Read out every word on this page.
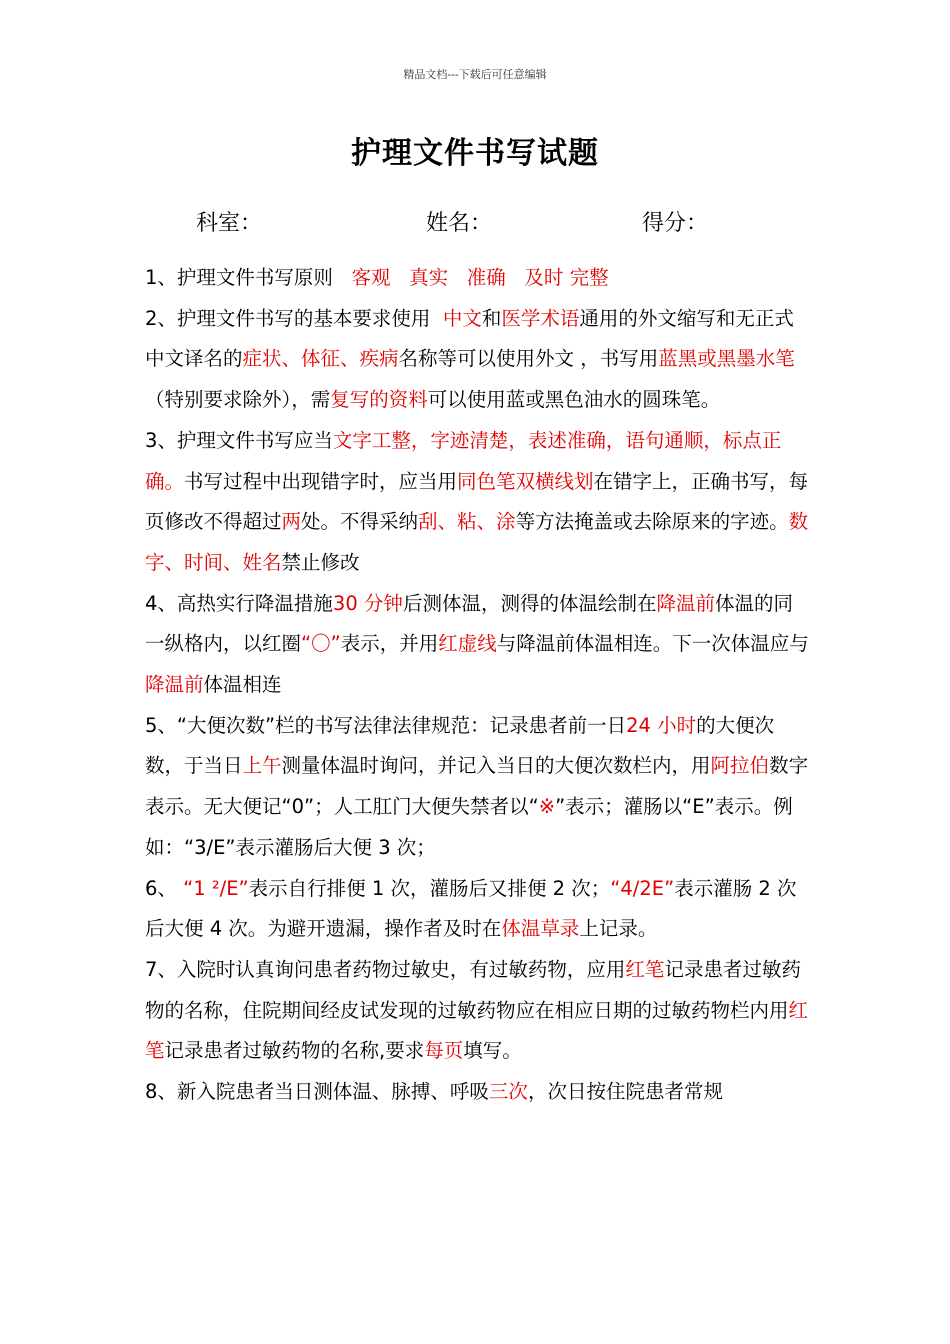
精品文档---下载后可任意编辑
护理文件书写试题
科室：	姓名：	得分：

1、护理文件书写原则 客观 真实 准确 及时 完整

2、护理文件书写的基本要求使用 中文和医学术语通用的外文缩写和无正式中文译名的症状、体征、疾病名称等可以使用外文 ，书写用蓝黑或黑墨水笔（特别要求除外），需复写的资料可以使用蓝或黑色油水的圆珠笔。

3、护理文件书写应当文字工整，字迹清楚，表述准确，语句通顺，标点正确。书写过程中出现错字时，应当用同色笔双横线划在错字上，正确书写，每页修改不得超过两处。不得采纳刮、粘、涂等方法掩盖或去除原来的字迹。数字、时间、姓名禁止修改

4、高热实行降温措施30 分钟后测体温，测得的体温绘制在降温前体温的同一纵格内，以红圈“〇”表示，并用红虚线与降温前体温相连。下一次体温应与降温前体温相连

5、“大便次数”栏的书写法律法律规范：记录患者前一日24 小时的大便次数，于当日上午测量体温时询问，并记入当日的大便次数栏内，用阿拉伯数字表示。无大便记“0”；人工肛门大便失禁者以“※”表示；灌肠以“E”表示。例如：“3/E”表示灌肠后大便 3 次；

6、 “1 ²/E”表示自行排便 1 次，灌肠后又排便 2 次；“4/2E”表示灌肠 2 次后大便 4 次。为避开遗漏，操作者及时在体温草录上记录。

7、入院时认真询问患者药物过敏史，有过敏药物，应用红笔记录患者过敏药物的名称，住院期间经皮试发现的过敏药物应在相应日期的过敏药物栏内用红笔记录患者过敏药物的名称,要求每页填写。

8、新入院患者当日测体温、脉搏、呼吸三次，次日按住院患者常规
